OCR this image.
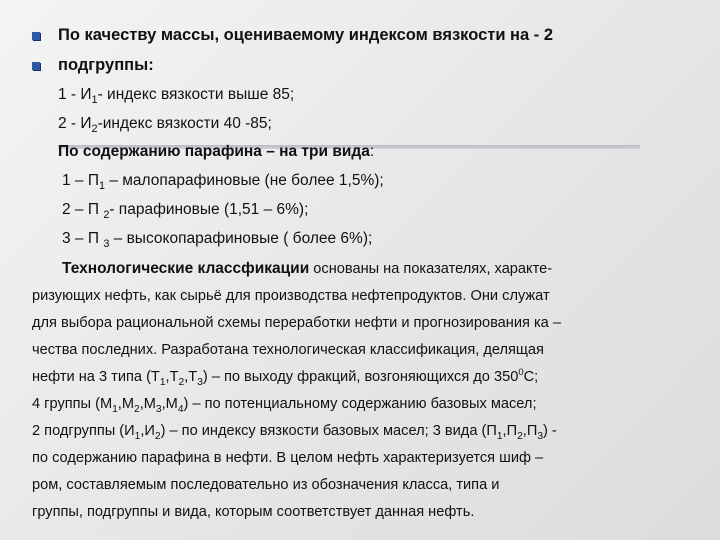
По качеству массы, оцениваемому индексом вязкости на - 2
подгруппы:
$1 - И_1-$ индекс вязкости выше 85;
$2 - И_2$-индекс вязкости 40 -85;
По содержанию парафина – на три вида:
$1 - П_1$ – малопарафиновые (не более 1,5%);
2 – П $_2$- парафиновые (1,51 – 6%);
3 – П $_3$ – высокопарафиновые ( более 6%);
Технологические классфикации основаны на показателях, характе-
ризующих нефть, как сырьё для производства нефтепродуктов. Они служат
для выбора рациональной схемы переработки нефти и прогнозирования ка –
чества последних. Разработана технологическая классификация, делящая
нефти на 3 типа $(Т_1,Т_2,Т_3)$ – по выходу фракций, возгоняющихся до $350^0С$;
4 группы $(М_1,М_2,М_3,М_4)$ – по потенциальному содержанию базовых масел;
2 подгруппы $(И_1,И_2)$ – по индексу вязкости базовых масел; 3 вида $(П_1,П_2,П_3)$ -
по содержанию парафина в нефти. В целом нефть характеризуется шиф –
ром, составляемым последовательно из обозначения класса, типа и
группы, подгруппы и вида, которым соответствует данная нефть.
